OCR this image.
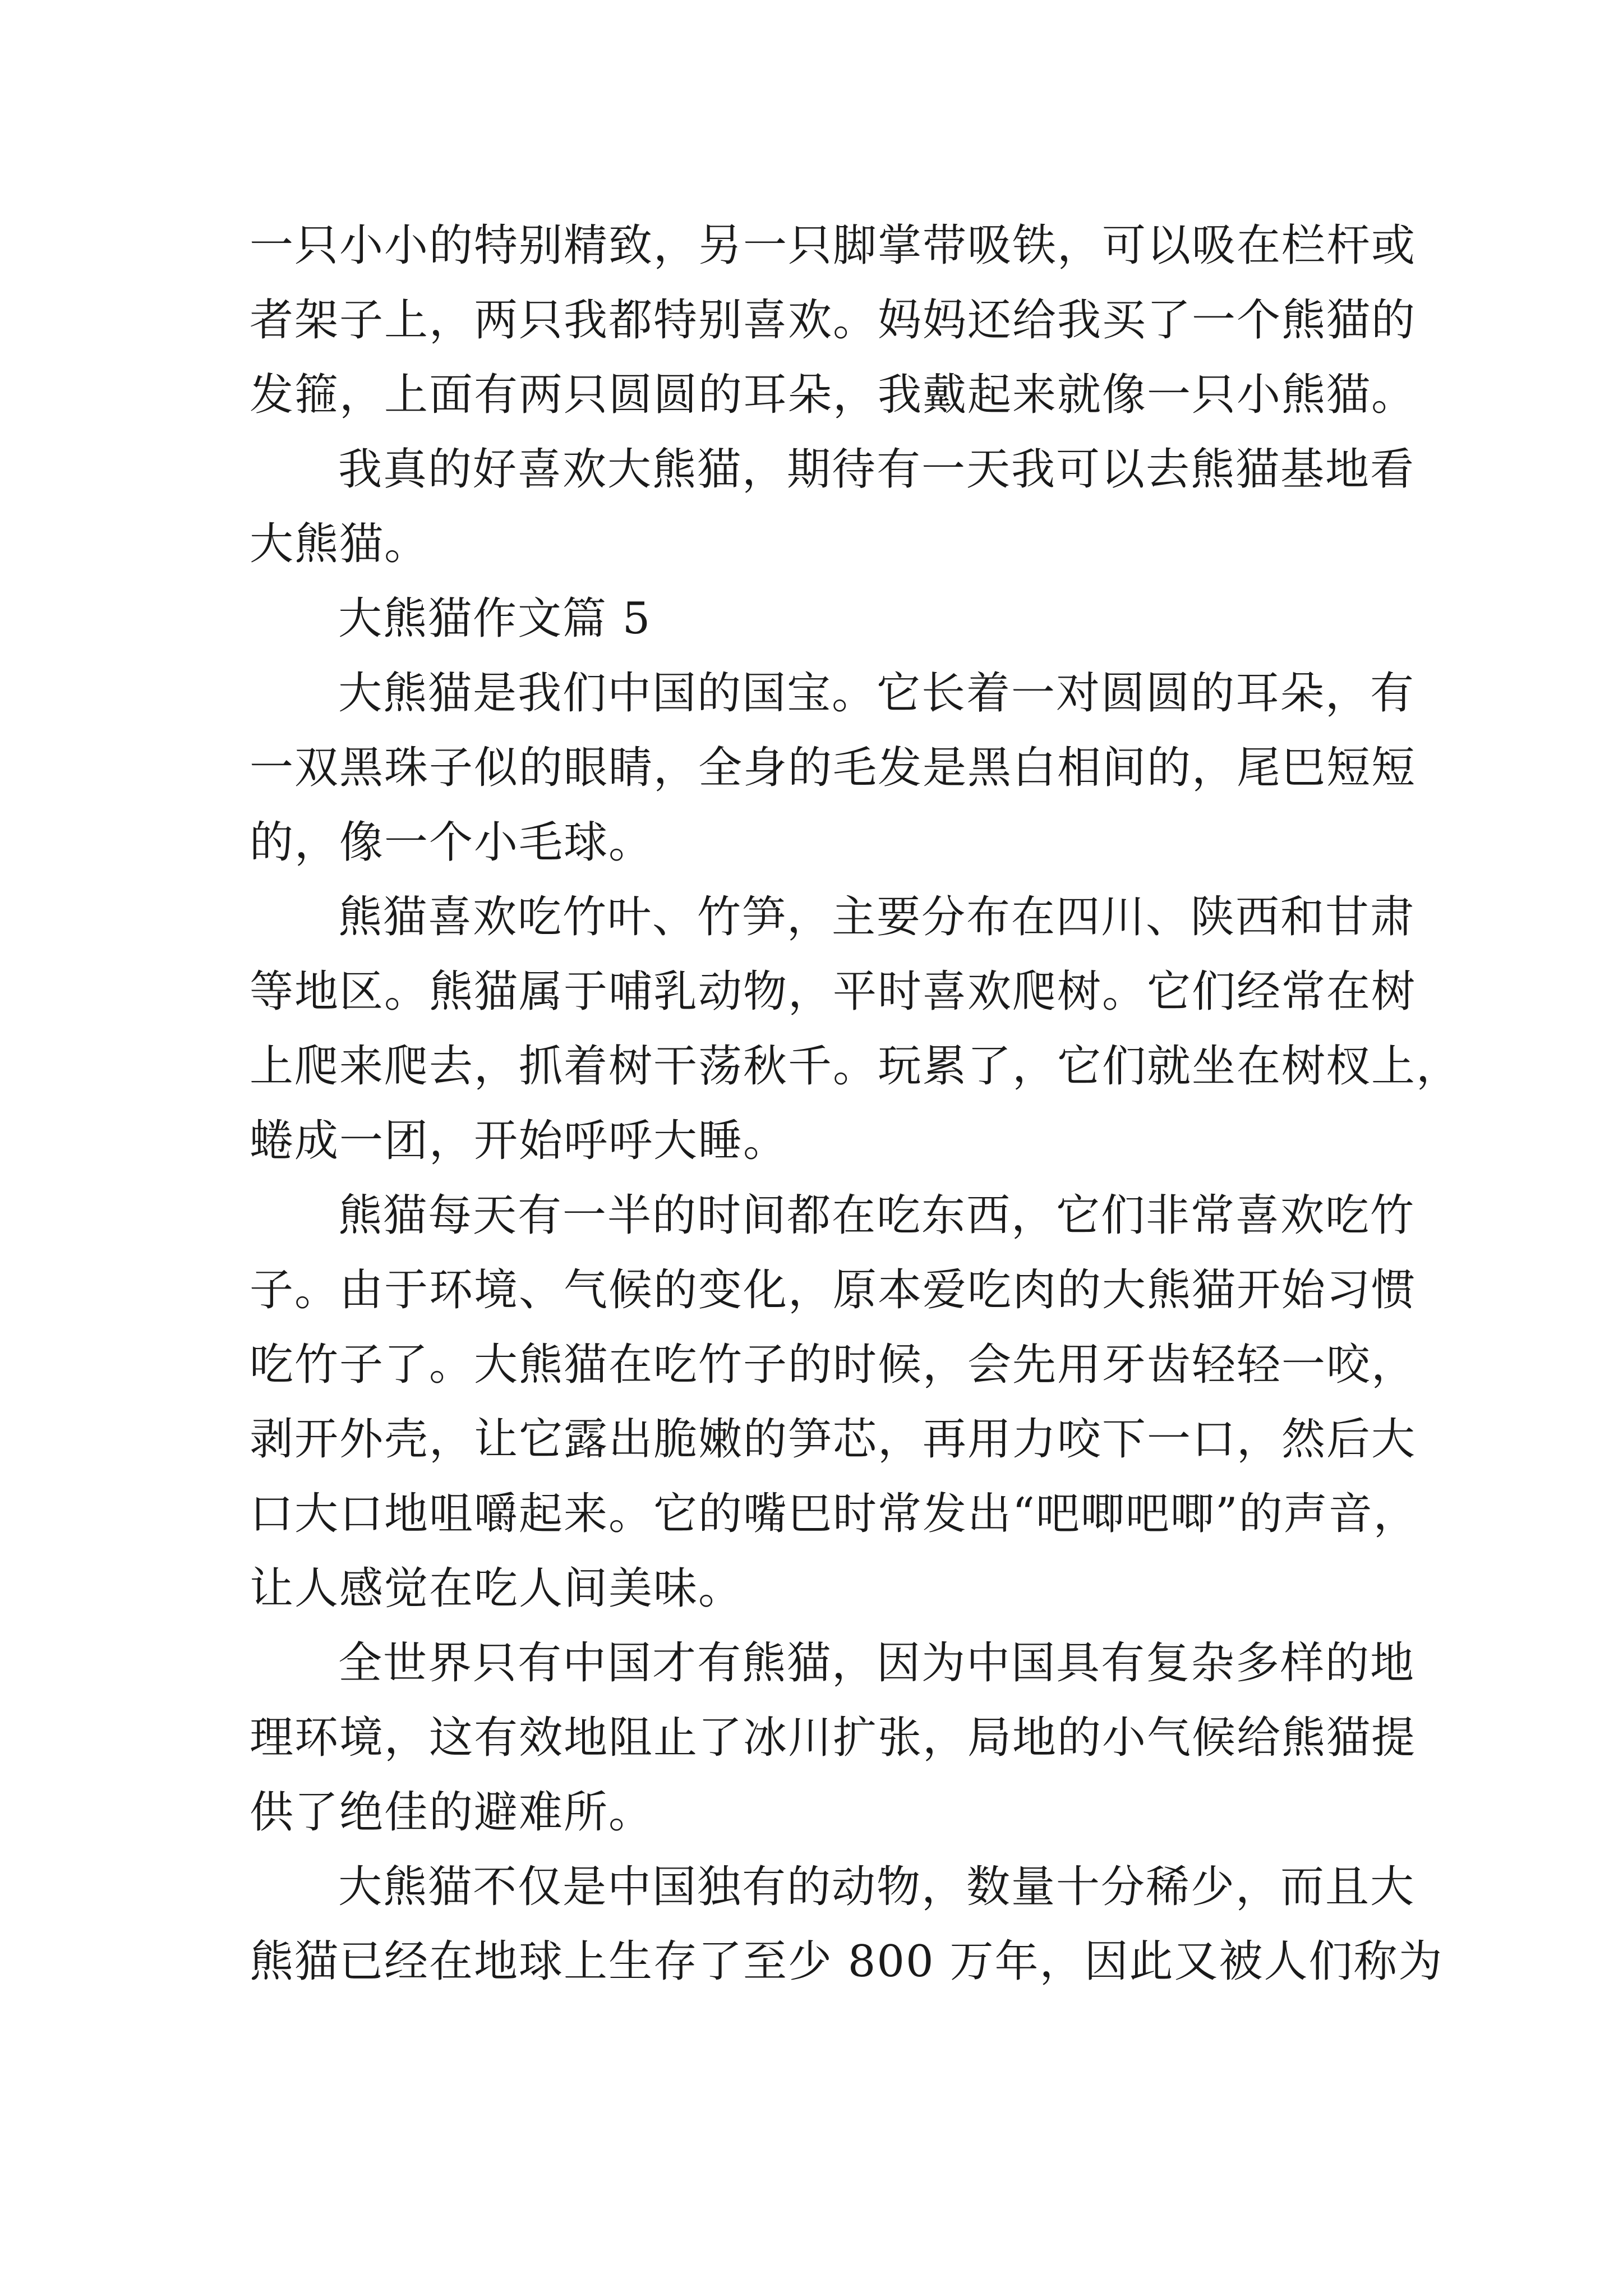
一只小小的特别精致，另一只脚掌带吸铁，可以吸在栏杆或
者架子上，两只我都特别喜欢。妈妈还给我买了一个熊猫的
发箍，上面有两只圆圆的耳朵，我戴起来就像一只小熊猫。

我真的好喜欢大熊猫，期待有一天我可以去熊猫基地看
大熊猫。

大熊猫作文篇 5

大熊猫是我们中国的国宝。它长着一对圆圆的耳朵，有
一双黑珠子似的眼睛，全身的毛发是黑白相间的，尾巴短短
的，像一个小毛球。

熊猫喜欢吃竹叶、竹笋，主要分布在四川、陕西和甘肃
等地区。熊猫属于哺乳动物，平时喜欢爬树。它们经常在树
上爬来爬去，抓着树干荡秋千。玩累了，它们就坐在树杈上，
蜷成一团，开始呼呼大睡。

熊猫每天有一半的时间都在吃东西，它们非常喜欢吃竹
子。由于环境、气候的变化，原本爱吃肉的大熊猫开始习惯
吃竹子了。大熊猫在吃竹子的时候，会先用牙齿轻轻一咬，
剥开外壳，让它露出脆嫩的笋芯，再用力咬下一口，然后大
口大口地咀嚼起来。它的嘴巴时常发出“吧唧吧唧”的声音，
让人感觉在吃人间美味。

全世界只有中国才有熊猫，因为中国具有复杂多样的地
理环境，这有效地阻止了冰川扩张，局地的小气候给熊猫提
供了绝佳的避难所。

大熊猫不仅是中国独有的动物，数量十分稀少，而且大
熊猫已经在地球上生存了至少 800 万年，因此又被人们称为
